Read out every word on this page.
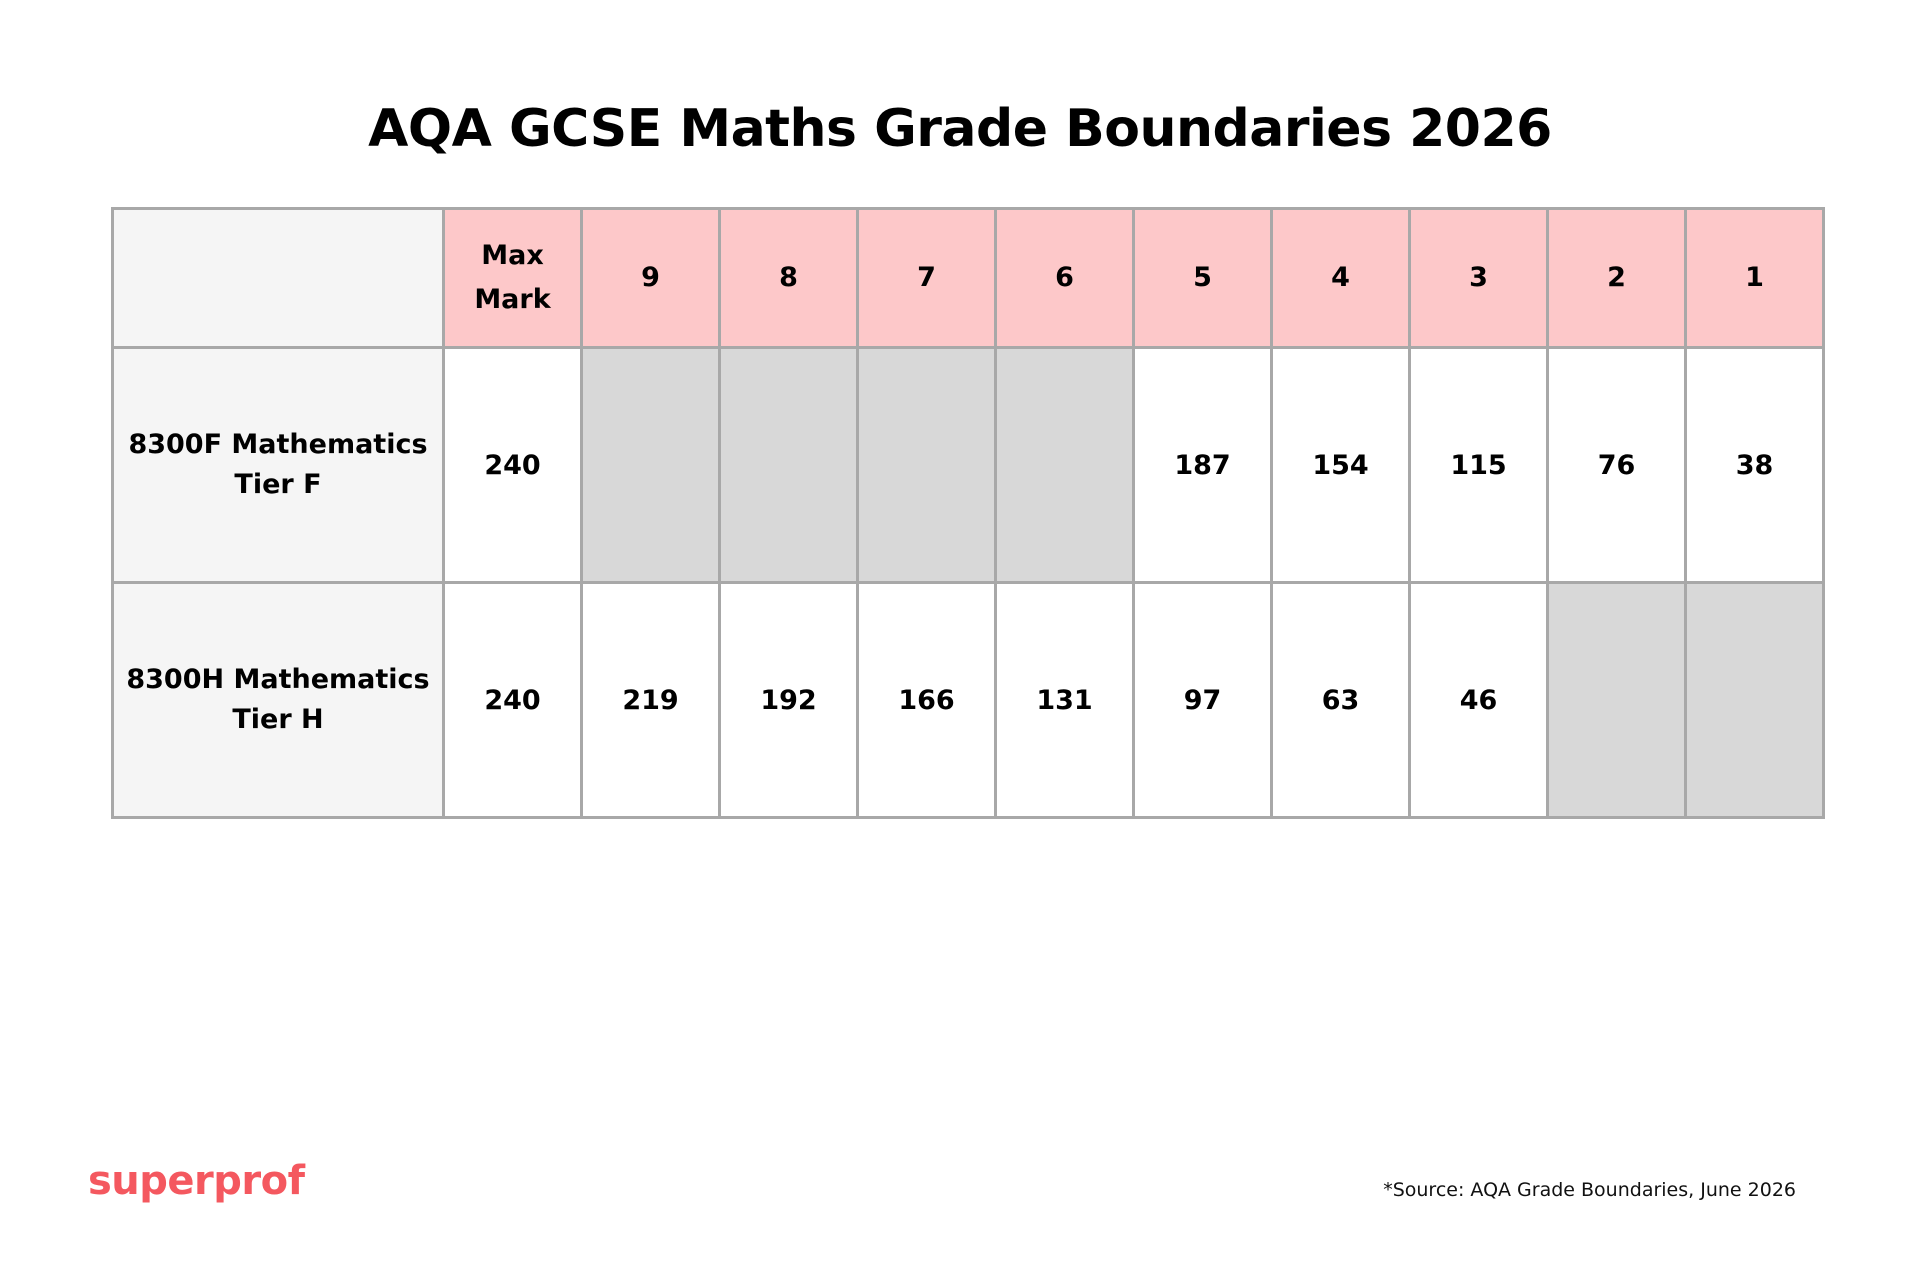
AQA GCSE Maths Grade Boundaries 2026
	Max Mark	9	8	7	6	5	4	3	2	1
8300F Mathematics Tier F	240					187	154	115	76	38
8300H Mathematics Tier H	240	219	192	166	131	97	63	46		
superprof	*Source: AQA Grade Boundaries, June 2026
